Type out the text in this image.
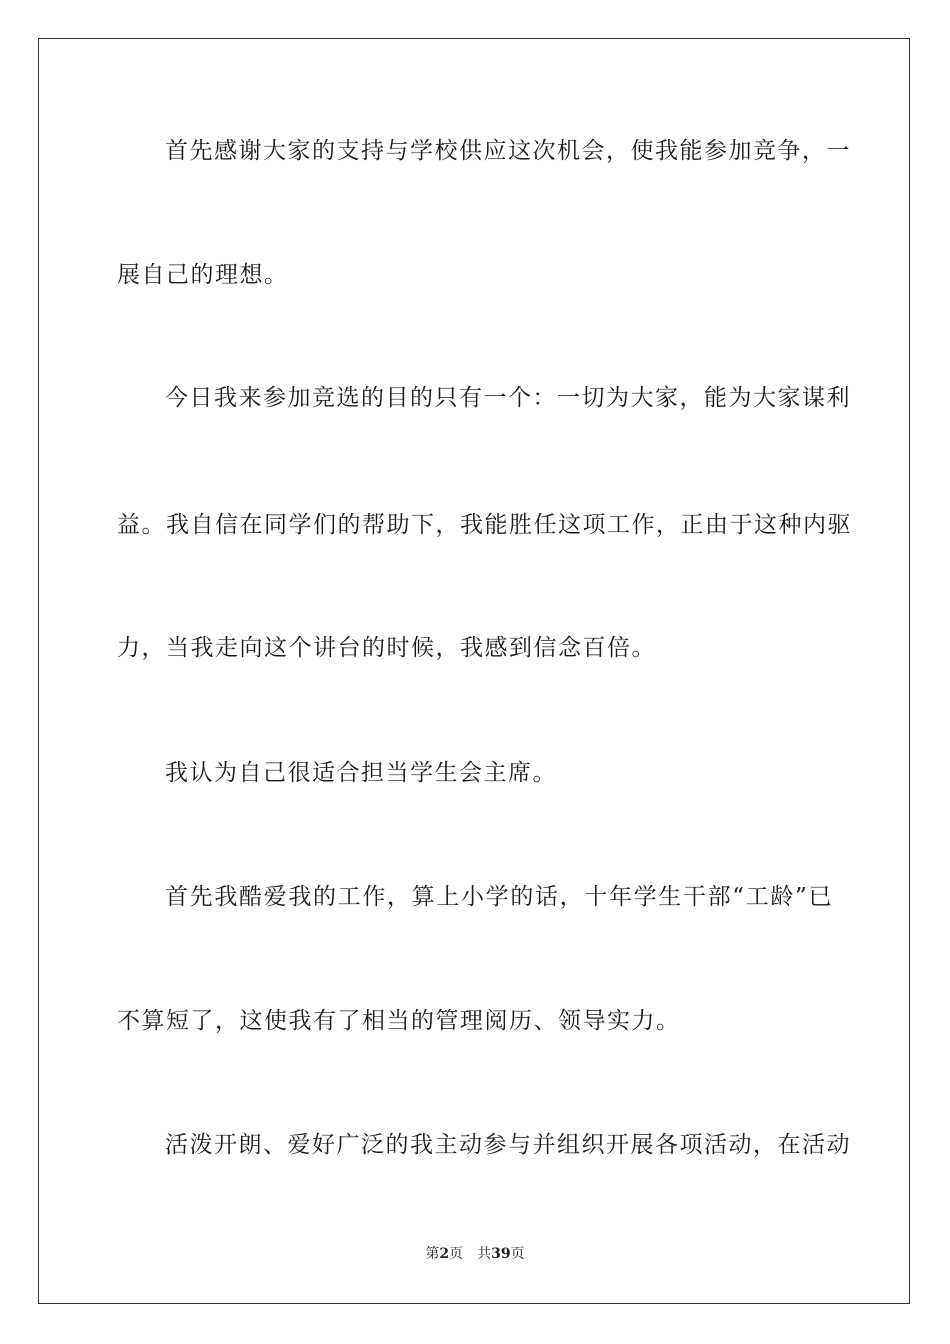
首先感谢大家的支持与学校供应这次机会，使我能参加竞争，一
展自己的理想。
今日我来参加竞选的目的只有一个：一切为大家，能为大家谋利
益。我自信在同学们的帮助下，我能胜任这项工作，正由于这种内驱
力，当我走向这个讲台的时候，我感到信念百倍。
我认为自己很适合担当学生会主席。
首先我酷爱我的工作，算上小学的话，十年学生干部“工龄”已
不算短了，这使我有了相当的管理阅历、领导实力。
活泼开朗、爱好广泛的我主动参与并组织开展各项活动，在活动
第2页 共39页
